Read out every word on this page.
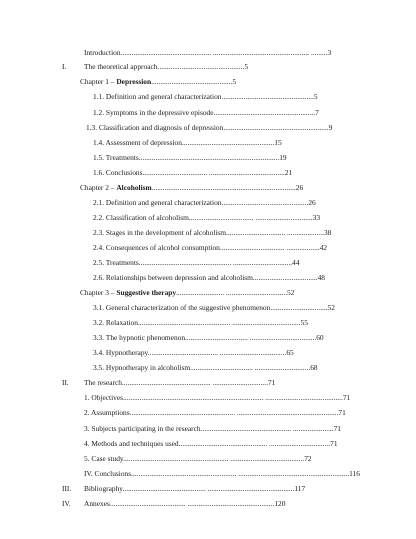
Introduction................................................. .................................................... .........3
I. The theoretical approach...............................................5
Chapter 1 – Depression............................................5
1.1. Definition and general characterization..................................................5
1.2. Symptoms in the depressive episode.......................................................7
1.3. Classification and diagnosis of depression.........................................................9
1.4. Assessment of depression..................................................15
1.5. Treatments............................................................................19
1.6. Conclusions................................... .........................................21
Chapter 2 – Alcoholism..............................................................................26
2.1. Definition and general characterization...............................................26
2.2. Classification of alcoholism................................... ...............................33
2.3. Stages in the development of alcoholism................................ ....................38
2.4. Consequences of alcohol consumption................................... ..................42
2.5. Treatments.................................................. ................................44
2.6. Relationships between depression and alcoholism...................................48
Chapter 3 – Suggestive therapy.......................... .................................52
3.1. General characterization of the suggestive phenomenon...............................52
3.2. Relaxation.................................................. .....................................55
3.3. The hypnotic phenomenon.................................. ....................................60
3.4. Hypnotherapy...................................... ....................................65
3.5. Hypnotherapy in alcoholism.................................. ..............................68
II. The research................................................ ..............................71
1. Objectives............................................................................ ..........................................71
2. Assumptions......................................................... .......................................................71
3. Subjects participating in the research................................................. ......................71
4. Methods and techniques used................................................ .................................71
5. Case study......................................................... ........................................72
IV. Conclusions......................................................... ............................................................116
III. Bibliography............................................. ...............................................117
IV. Annexes......................................... ...............................................120
